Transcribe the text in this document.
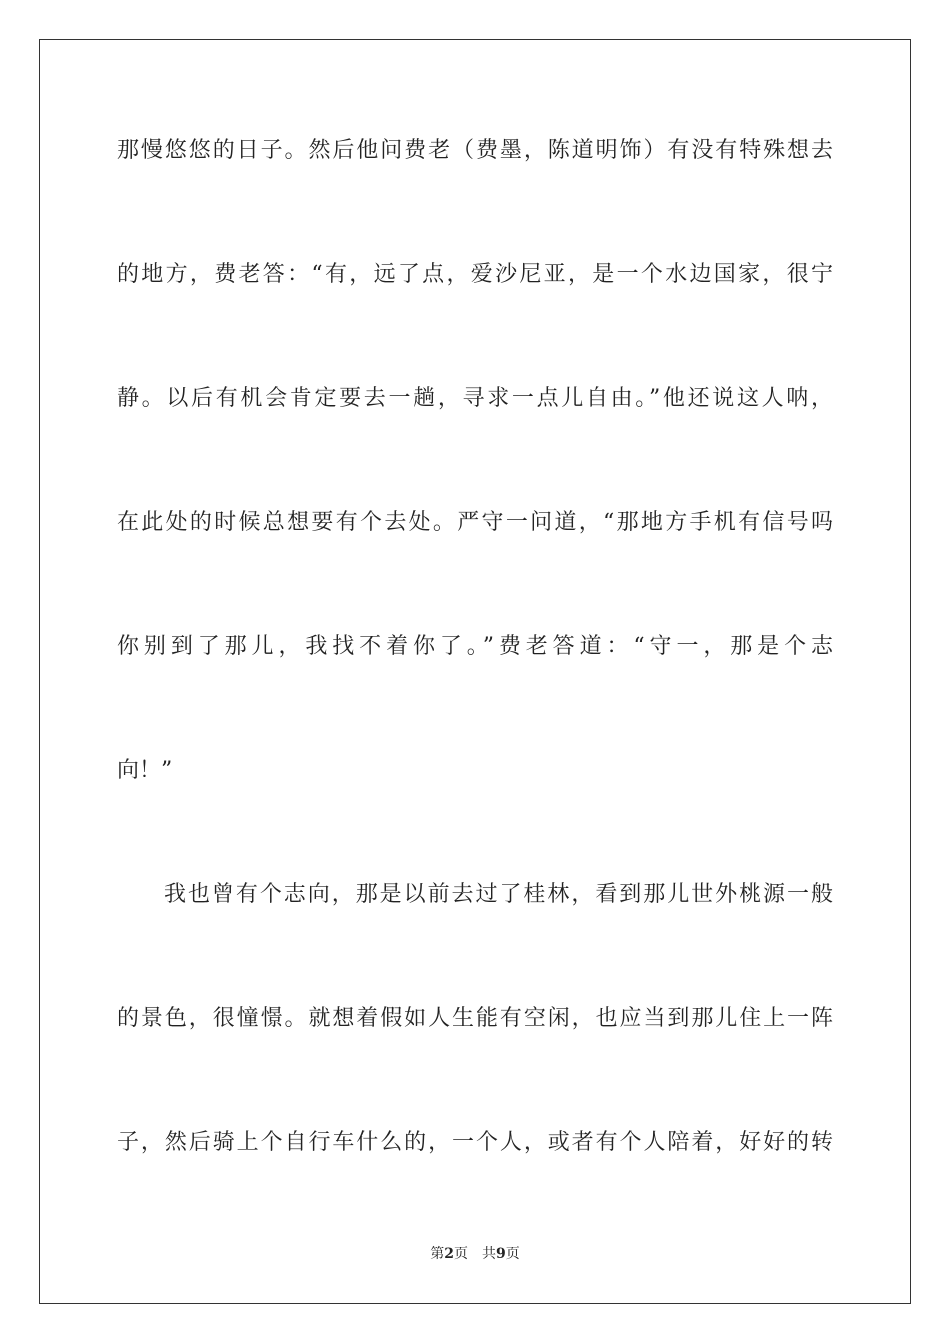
那慢悠悠的日子。然后他问费老（费墨，陈道明饰）有没有特殊想去
的地方，费老答：“有，远了点，爱沙尼亚，是一个水边国家，很宁
静。以后有机会肯定要去一趟，寻求一点儿自由。”他还说这人呐，
在此处的时候总想要有个去处。严守一问道，“那地方手机有信号吗
你别到了那儿，我找不着你了。”费老答道：“守一，那是个志
向！”
我也曾有个志向，那是以前去过了桂林，看到那儿世外桃源一般
的景色，很憧憬。就想着假如人生能有空闲，也应当到那儿住上一阵
子，然后骑上个自行车什么的，一个人，或者有个人陪着，好好的转
第2页 共9页
